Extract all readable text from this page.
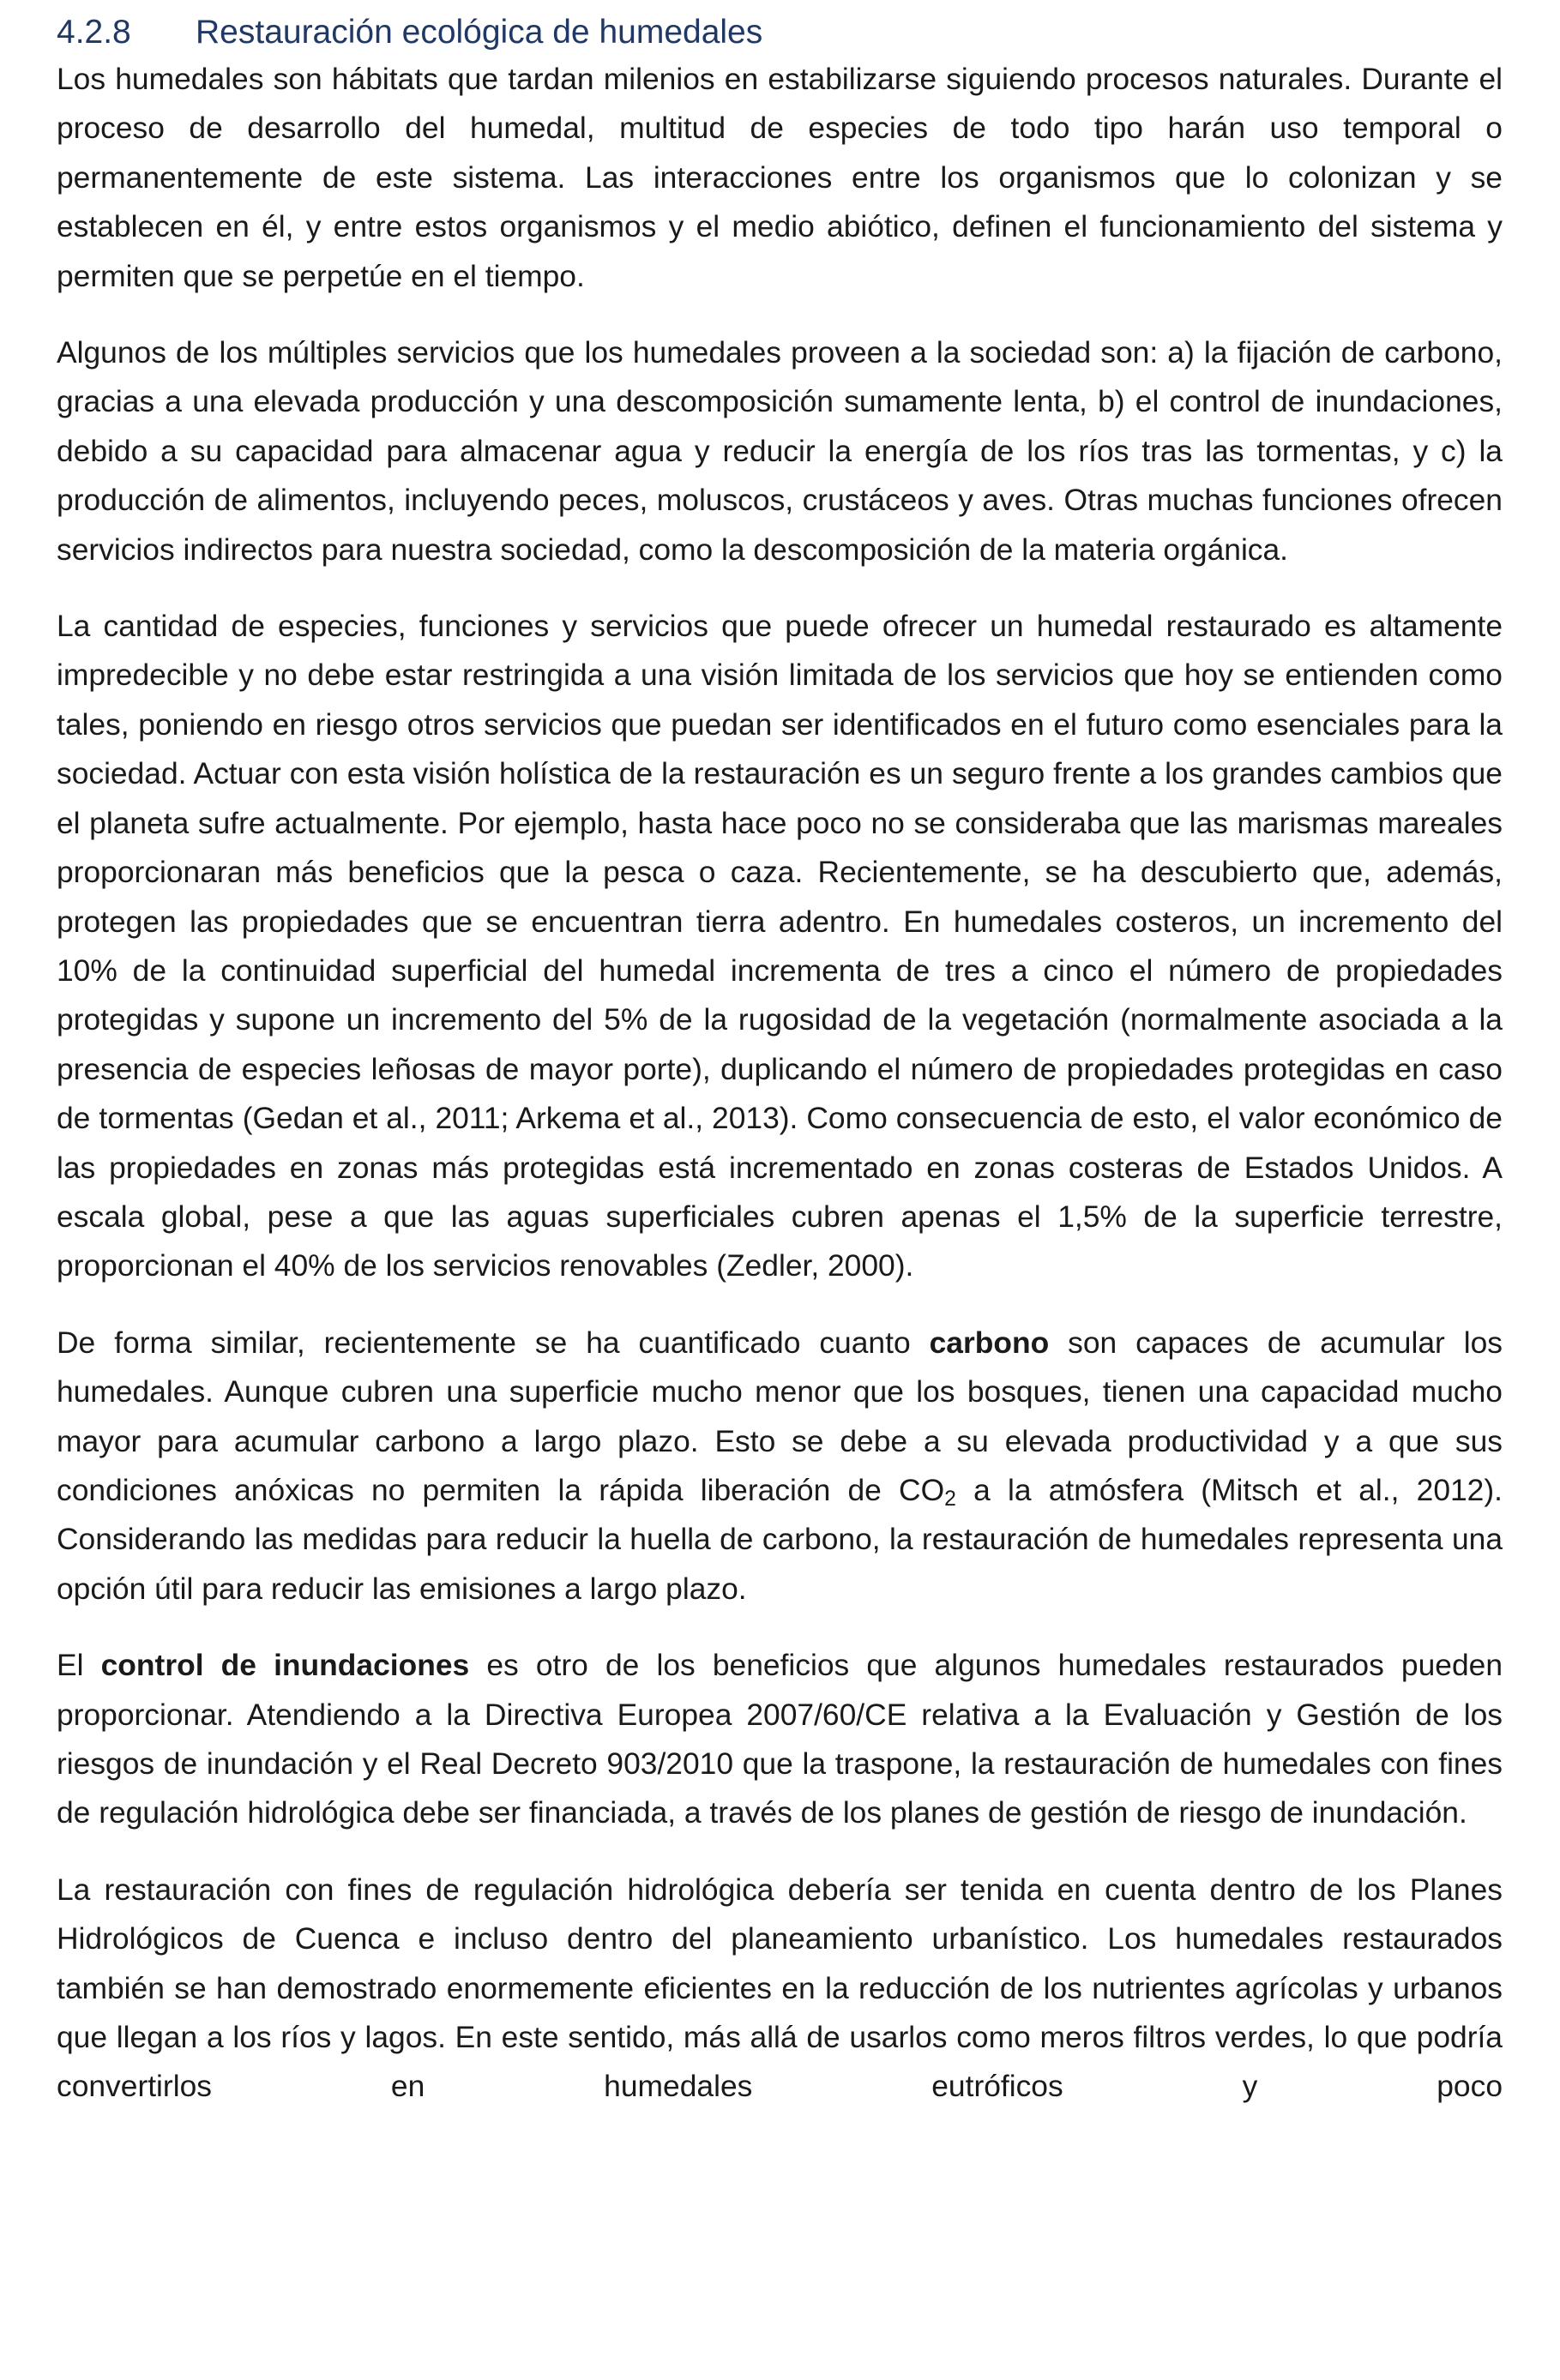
4.2.8 Restauración ecológica de humedales

Los humedales son hábitats que tardan milenios en estabilizarse siguiendo procesos naturales. Durante el proceso de desarrollo del humedal, multitud de especies de todo tipo harán uso temporal o permanentemente de este sistema. Las interacciones entre los organismos que lo colonizan y se establecen en él, y entre estos organismos y el medio abiótico, definen el funcionamiento del sistema y permiten que se perpetúe en el tiempo.

Algunos de los múltiples servicios que los humedales proveen a la sociedad son: a) la fijación de carbono, gracias a una elevada producción y una descomposición sumamente lenta, b) el control de inundaciones, debido a su capacidad para almacenar agua y reducir la energía de los ríos tras las tormentas, y c) la producción de alimentos, incluyendo peces, moluscos, crustáceos y aves. Otras muchas funciones ofrecen servicios indirectos para nuestra sociedad, como la descomposición de la materia orgánica.

La cantidad de especies, funciones y servicios que puede ofrecer un humedal restaurado es altamente impredecible y no debe estar restringida a una visión limitada de los servicios que hoy se entienden como tales, poniendo en riesgo otros servicios que puedan ser identificados en el futuro como esenciales para la sociedad. Actuar con esta visión holística de la restauración es un seguro frente a los grandes cambios que el planeta sufre actualmente. Por ejemplo, hasta hace poco no se consideraba que las marismas mareales proporcionaran más beneficios que la pesca o caza. Recientemente, se ha descubierto que, además, protegen las propiedades que se encuentran tierra adentro. En humedales costeros, un incremento del 10% de la continuidad superficial del humedal incrementa de tres a cinco el número de propiedades protegidas y supone un incremento del 5% de la rugosidad de la vegetación (normalmente asociada a la presencia de especies leñosas de mayor porte), duplicando el número de propiedades protegidas en caso de tormentas (Gedan et al., 2011; Arkema et al., 2013). Como consecuencia de esto, el valor económico de las propiedades en zonas más protegidas está incrementado en zonas costeras de Estados Unidos. A escala global, pese a que las aguas superficiales cubren apenas el 1,5% de la superficie terrestre, proporcionan el 40% de los servicios renovables (Zedler, 2000).

De forma similar, recientemente se ha cuantificado cuanto carbono son capaces de acumular los humedales. Aunque cubren una superficie mucho menor que los bosques, tienen una capacidad mucho mayor para acumular carbono a largo plazo. Esto se debe a su elevada productividad y a que sus condiciones anóxicas no permiten la rápida liberación de $CO_2$ a la atmósfera (Mitsch et al., 2012). Considerando las medidas para reducir la huella de carbono, la restauración de humedales representa una opción útil para reducir las emisiones a largo plazo.

El control de inundaciones es otro de los beneficios que algunos humedales restaurados pueden proporcionar. Atendiendo a la Directiva Europea 2007/60/CE relativa a la Evaluación y Gestión de los riesgos de inundación y el Real Decreto 903/2010 que la traspone, la restauración de humedales con fines de regulación hidrológica debe ser financiada, a través de los planes de gestión de riesgo de inundación.

La restauración con fines de regulación hidrológica debería ser tenida en cuenta dentro de los Planes Hidrológicos de Cuenca e incluso dentro del planeamiento urbanístico. Los humedales restaurados también se han demostrado enormemente eficientes en la reducción de los nutrientes agrícolas y urbanos que llegan a los ríos y lagos. En este sentido, más allá de usarlos como meros filtros verdes, lo que podría convertirlos en humedales eutróficos y poco
